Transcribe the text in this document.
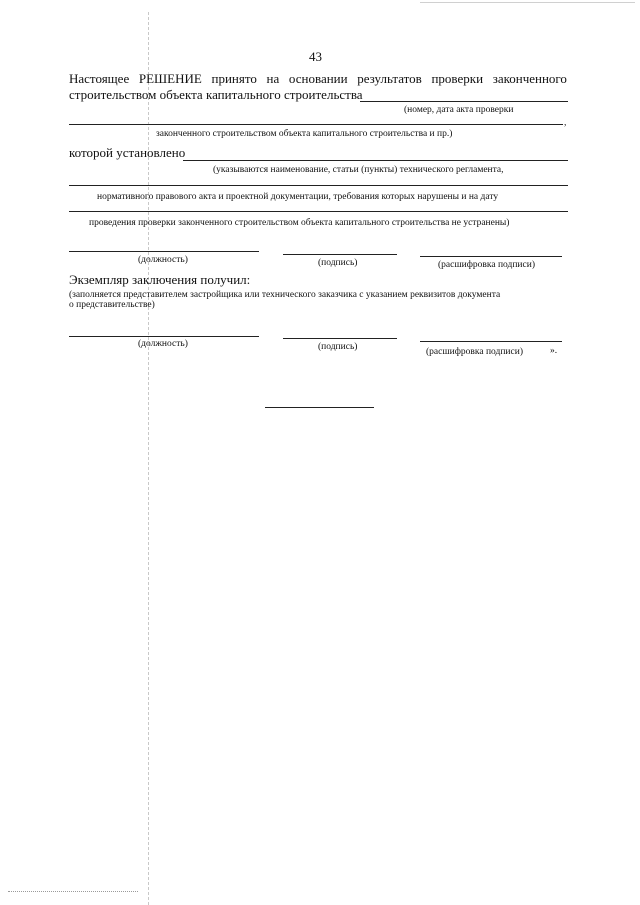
43
Настоящее РЕШЕНИЕ принято на основании результатов проверки законченного
строительством объекта капитального строительства
(номер, дата акта проверки
,
законченного строительством объекта капитального строительства и пр.)
которой установлено
(указываются наименование, статьи (пункты) технического регламента,
нормативного правового акта и проектной документации, требования которых нарушены и на дату
проведения проверки законченного строительством объекта капитального строительства не устранены)
(должность)	(подпись)	(расшифровка подписи)
Экземпляр заключения получил:
(заполняется представителем застройщика или технического заказчика с указанием реквизитов документа
о представительстве)
(должность)	(подпись)	(расшифровка подписи)	».
